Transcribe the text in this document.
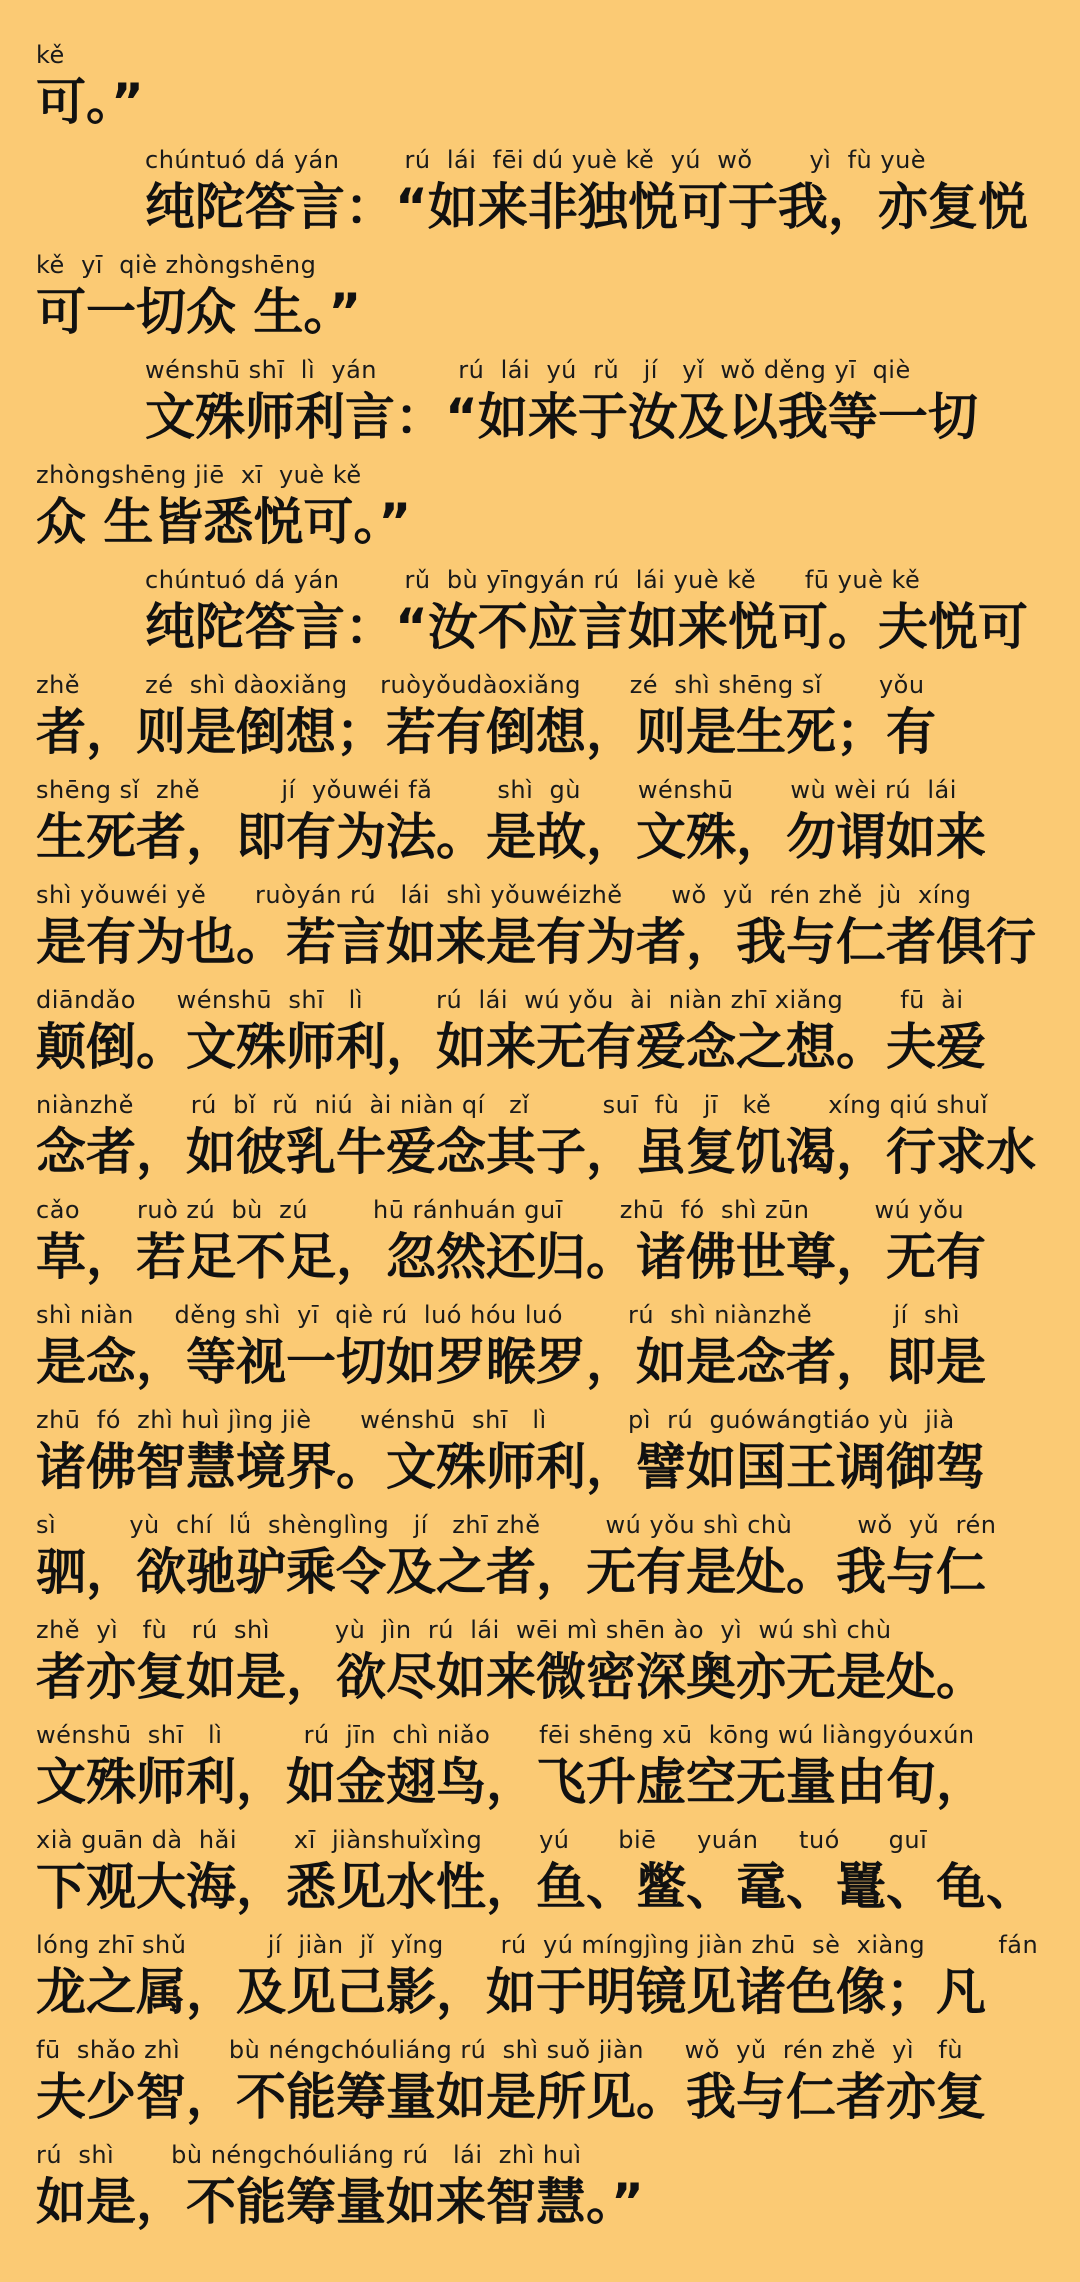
kě
可。”
chúntuó dá yán        rú  lái  fēi dú yuè kě  yú  wǒ       yì  fù yuè
纯陀答言：“如来非独悦可于我，亦复悦
kě  yī  qiè zhòngshēng
可一切众 生。”
wénshū shī  lì  yán          rú  lái  yú  rǔ   jí   yǐ  wǒ děng yī  qiè
文殊师利言：“如来于汝及以我等一切
zhòngshēng jiē  xī  yuè kě
众 生皆悉悦可。”
chúntuó dá yán        rǔ  bù yīngyán rú  lái yuè kě      fū yuè kě
纯陀答言：“汝不应言如来悦可。夫悦可
zhě        zé  shì dàoxiǎng    ruòyǒudàoxiǎng      zé  shì shēng sǐ       yǒu
者，则是倒想；若有倒想，则是生死；有
shēng sǐ  zhě          jí  yǒuwéi fǎ        shì  gù       wénshū       wù wèi rú  lái
生死者，即有为法。是故，文殊，勿谓如来
shì yǒuwéi yě      ruòyán rú   lái  shì yǒuwéizhě      wǒ  yǔ  rén zhě  jù  xíng
是有为也。若言如来是有为者，我与仁者俱行
diāndǎo     wénshū  shī   lì         rú  lái  wú yǒu  ài  niàn zhī xiǎng       fū  ài
颠倒。文殊师利，如来无有爱念之想。夫爱
niànzhě       rú  bǐ  rǔ  niú  ài niàn qí   zǐ         suī  fù   jī   kě       xíng qiú shuǐ
念者，如彼乳牛爱念其子，虽复饥渴，行求水
cǎo       ruò zú  bù  zú        hū ránhuán guī       zhū  fó  shì zūn        wú yǒu
草，若足不足，忽然还归。诸佛世尊，无有
shì niàn     děng shì  yī  qiè rú  luó hóu luó        rú  shì niànzhě          jí  shì
是念，等视一切如罗睺罗，如是念者，即是
zhū  fó  zhì huì jìng jiè      wénshū  shī   lì          pì  rú  guówángtiáo yù  jià
诸佛智慧境界。文殊师利，譬如国王调御驾
sì         yù  chí  lǘ  shènglìng   jí   zhī zhě        wú yǒu shì chù        wǒ  yǔ  rén
驷，欲驰驴乘令及之者，无有是处。我与仁
zhě  yì   fù   rú  shì        yù  jìn  rú  lái  wēi mì shēn ào  yì  wú shì chù
者亦复如是，欲尽如来微密深奥亦无是处。
wénshū  shī   lì          rú  jīn  chì niǎo      fēi shēng xū  kōng wú liàngyóuxún
文殊师利，如金翅鸟，飞升虚空无量由旬，
xià guān dà  hǎi       xī  jiànshuǐxìng       yú      biē     yuán     tuó      guī
下观大海，悉见水性，鱼、鳖、鼋、鼍、龟、
lóng zhī shǔ          jí  jiàn  jǐ  yǐng       rú  yú míngjìng jiàn zhū  sè  xiàng         fán
龙之属，及见己影，如于明镜见诸色像；凡
fū  shǎo zhì      bù néngchóuliáng rú  shì suǒ jiàn     wǒ  yǔ  rén zhě  yì   fù
夫少智，不能筹量如是所见。我与仁者亦复
rú  shì       bù néngchóuliáng rú   lái  zhì huì
如是，不能筹量如来智慧。”
